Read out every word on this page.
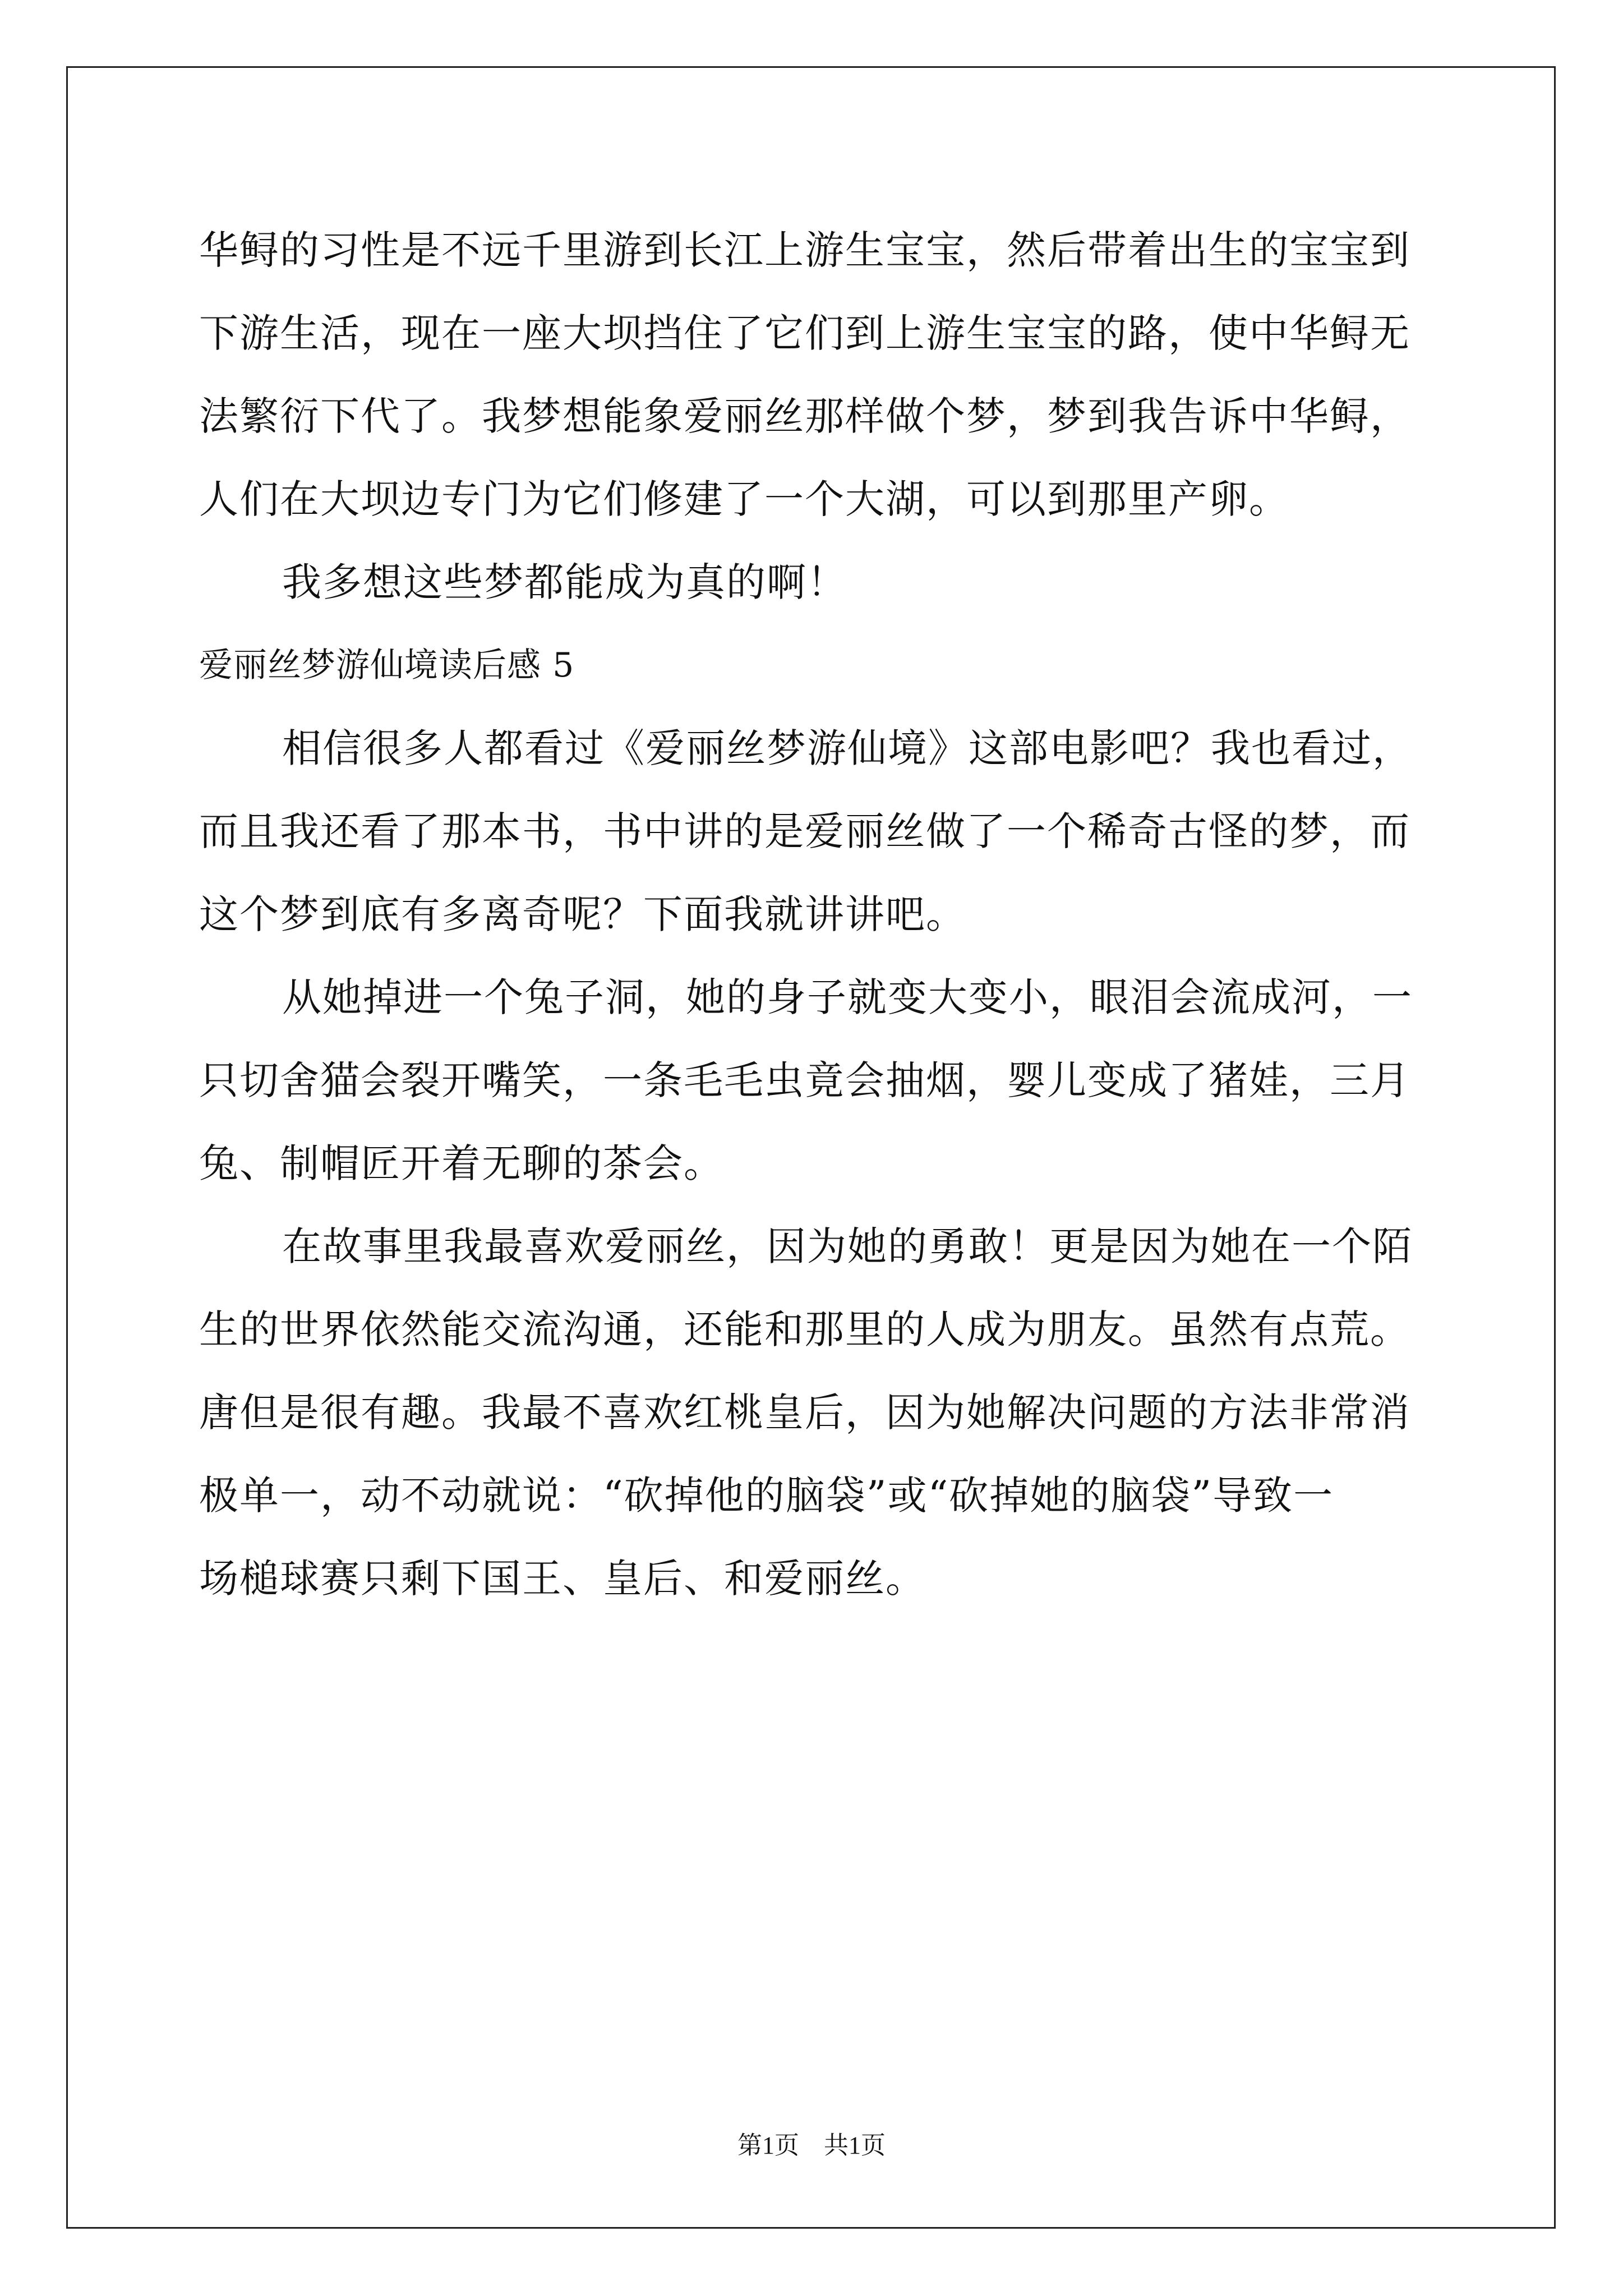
华鲟的习性是不远千里游到长江上游生宝宝，然后带着出生的宝宝到
下游生活，现在一座大坝挡住了它们到上游生宝宝的路，使中华鲟无
法繁衍下代了。我梦想能象爱丽丝那样做个梦，梦到我告诉中华鲟，
人们在大坝边专门为它们修建了一个大湖，可以到那里产卵。
我多想这些梦都能成为真的啊！
爱丽丝梦游仙境读后感 5
相信很多人都看过《爱丽丝梦游仙境》这部电影吧？我也看过，
而且我还看了那本书，书中讲的是爱丽丝做了一个稀奇古怪的梦，而
这个梦到底有多离奇呢？下面我就讲讲吧。
从她掉进一个兔子洞，她的身子就变大变小，眼泪会流成河，一
只切舍猫会裂开嘴笑，一条毛毛虫竟会抽烟，婴儿变成了猪娃，三月
兔、制帽匠开着无聊的茶会。
在故事里我最喜欢爱丽丝，因为她的勇敢！更是因为她在一个陌
生的世界依然能交流沟通，还能和那里的人成为朋友。虽然有点荒。
唐但是很有趣。我最不喜欢红桃皇后，因为她解决问题的方法非常消
极单一，动不动就说：“砍掉他的脑袋”或“砍掉她的脑袋”导致一
场槌球赛只剩下国王、皇后、和爱丽丝。
第1页　共1页
